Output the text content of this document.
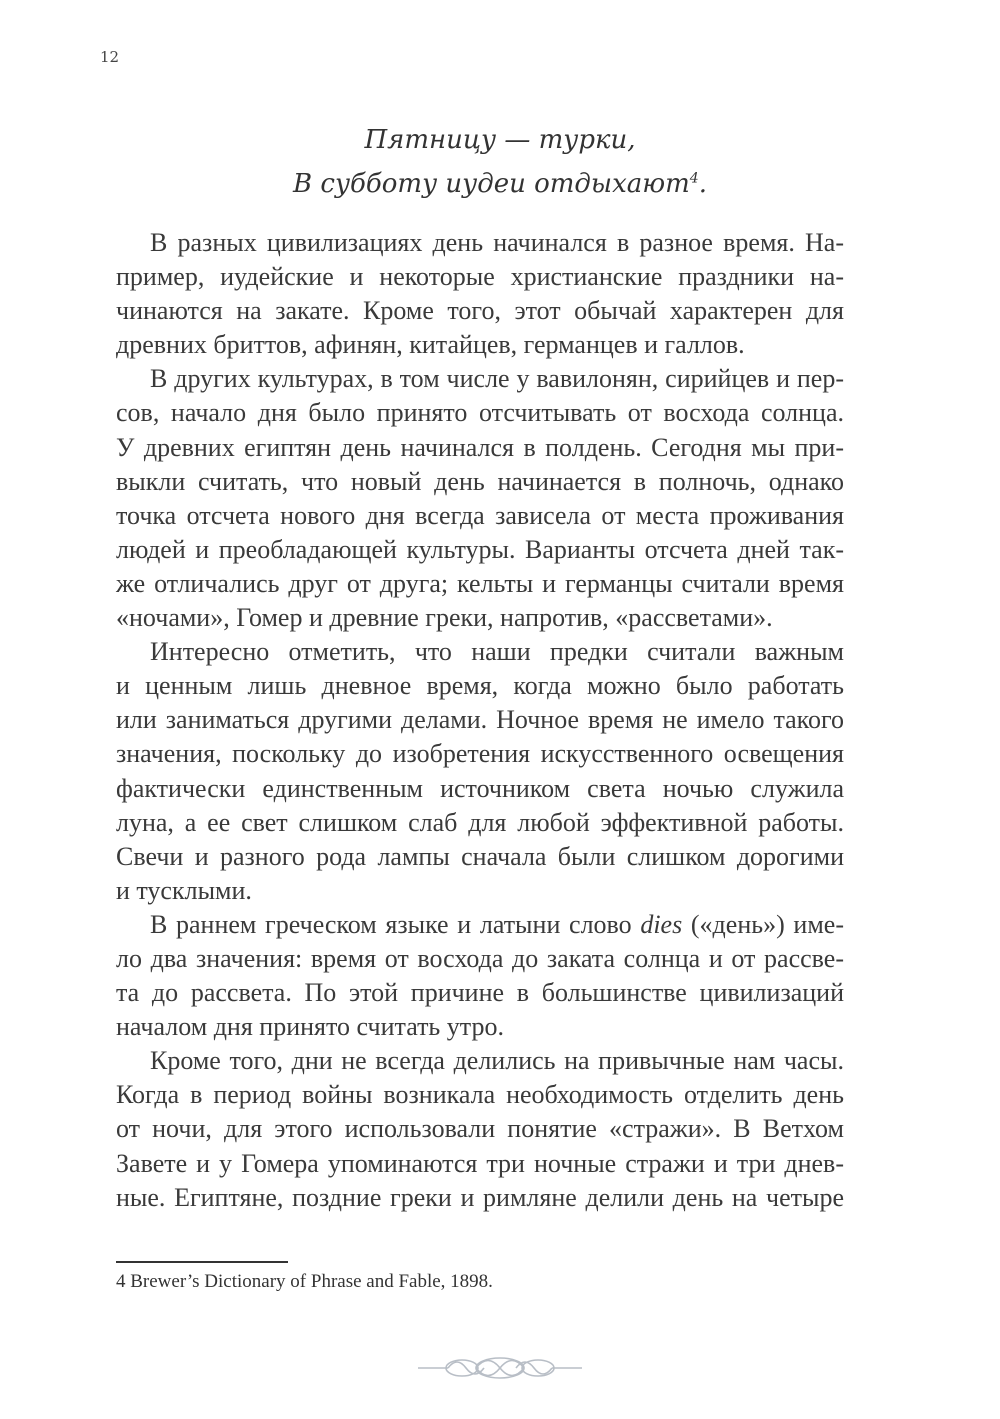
12
Пятницу — турки,
В субботу иудеи отдыхают$^4$.
В разных цивилизациях день начинался в разное время. На-
пример, иудейские и некоторые христианские праздники на-
чинаются на закате. Кроме того, этот обычай характерен для
древних бриттов, афинян, китайцев, германцев и галлов.
В других культурах, в том числе у вавилонян, сирийцев и пер-
сов, начало дня было принято отсчитывать от восхода солнца.
У древних египтян день начинался в полдень. Сегодня мы при-
выкли считать, что новый день начинается в полночь, однако
точка отсчета нового дня всегда зависела от места проживания
людей и преобладающей культуры. Варианты отсчета дней так-
же отличались друг от друга; кельты и германцы считали время
«ночами», Гомер и древние греки, напротив, «рассветами».
Интересно отметить, что наши предки считали важным
и ценным лишь дневное время, когда можно было работать
или заниматься другими делами. Ночное время не имело такого
значения, поскольку до изобретения искусственного освещения
фактически единственным источником света ночью служила
луна, а ее свет слишком слаб для любой эффективной работы.
Свечи и разного рода лампы сначала были слишком дорогими
и тусклыми.
В раннем греческом языке и латыни слово dies («день») име-
ло два значения: время от восхода до заката солнца и от рассве-
та до рассвета. По этой причине в большинстве цивилизаций
началом дня принято считать утро.
Кроме того, дни не всегда делились на привычные нам часы.
Когда в период войны возникала необходимость отделить день
от ночи, для этого использовали понятие «стражи». В Ветхом
Завете и у Гомера упоминаются три ночные стражи и три днев-
ные. Египтяне, поздние греки и римляне делили день на четыре
4 Brewer’s Dictionary of Phrase and Fable, 1898.
